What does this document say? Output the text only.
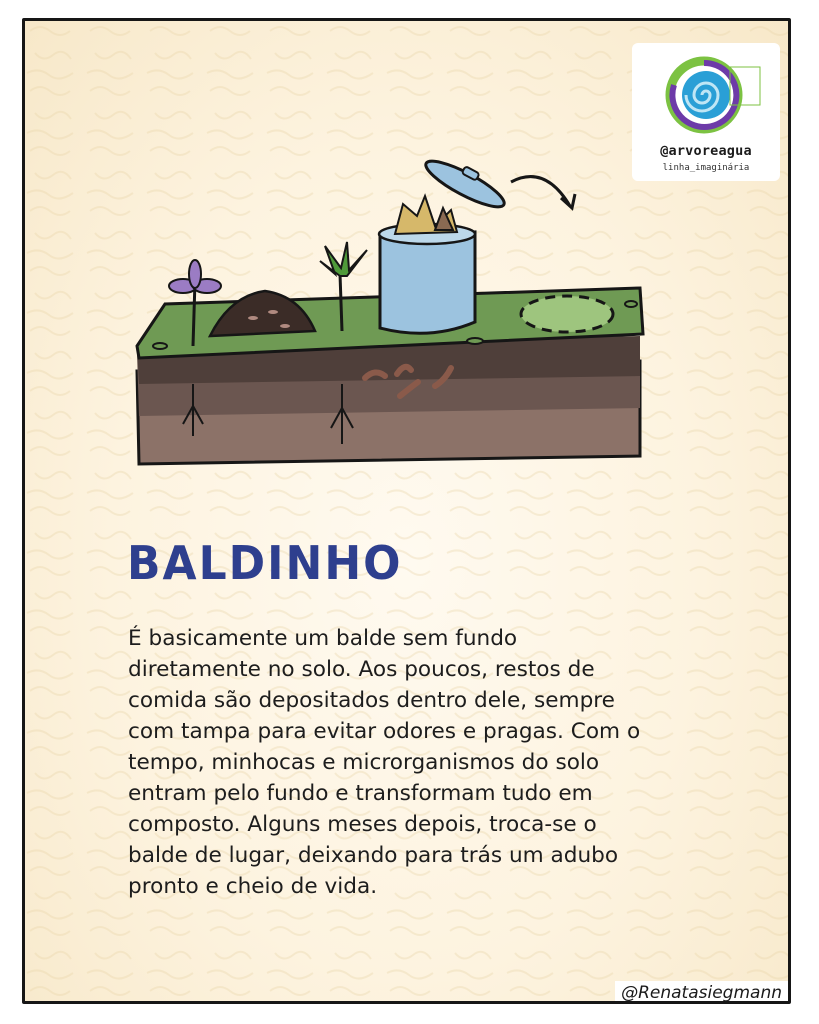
@arvoreagua
linha_imaginária
BALDINHO
É basicamente um balde sem fundo
diretamente no solo. Aos poucos, restos de
comida são depositados dentro dele, sempre
com tampa para evitar odores e pragas. Com o
tempo, minhocas e microrganismos do solo
entram pelo fundo e transformam tudo em
composto. Alguns meses depois, troca-se o
balde de lugar, deixando para trás um adubo
pronto e cheio de vida.
@Renatasiegmann
